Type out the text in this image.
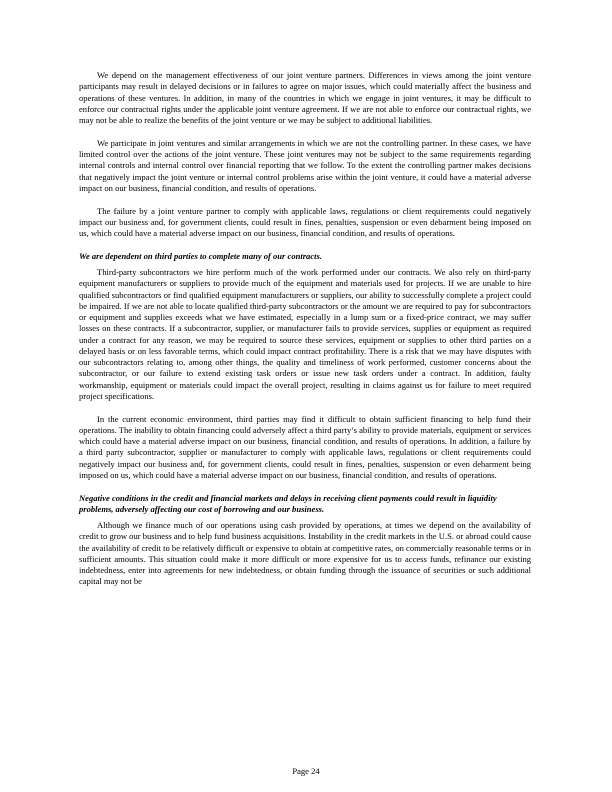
We depend on the management effectiveness of our joint venture partners. Differences in views among the joint venture participants may result in delayed decisions or in failures to agree on major issues, which could materially affect the business and operations of these ventures. In addition, in many of the countries in which we engage in joint ventures, it may be difficult to enforce our contractual rights under the applicable joint venture agreement. If we are not able to enforce our contractual rights, we may not be able to realize the benefits of the joint venture or we may be subject to additional liabilities.

We participate in joint ventures and similar arrangements in which we are not the controlling partner. In these cases, we have limited control over the actions of the joint venture. These joint ventures may not be subject to the same requirements regarding internal controls and internal control over financial reporting that we follow. To the extent the controlling partner makes decisions that negatively impact the joint venture or internal control problems arise within the joint venture, it could have a material adverse impact on our business, financial condition, and results of operations.

The failure by a joint venture partner to comply with applicable laws, regulations or client requirements could negatively impact our business and, for government clients, could result in fines, penalties, suspension or even debarment being imposed on us, which could have a material adverse impact on our business, financial condition, and results of operations.

We are dependent on third parties to complete many of our contracts.

Third-party subcontractors we hire perform much of the work performed under our contracts. We also rely on third-party equipment manufacturers or suppliers to provide much of the equipment and materials used for projects. If we are unable to hire qualified subcontractors or find qualified equipment manufacturers or suppliers, our ability to successfully complete a project could be impaired. If we are not able to locate qualified third-party subcontractors or the amount we are required to pay for subcontractors or equipment and supplies exceeds what we have estimated, especially in a lump sum or a fixed-price contract, we may suffer losses on these contracts. If a subcontractor, supplier, or manufacturer fails to provide services, supplies or equipment as required under a contract for any reason, we may be required to source these services, equipment or supplies to other third parties on a delayed basis or on less favorable terms, which could impact contract profitability. There is a risk that we may have disputes with our subcontractors relating to, among other things, the quality and timeliness of work performed, customer concerns about the subcontractor, or our failure to extend existing task orders or issue new task orders under a contract. In addition, faulty workmanship, equipment or materials could impact the overall project, resulting in claims against us for failure to meet required project specifications.

In the current economic environment, third parties may find it difficult to obtain sufficient financing to help fund their operations. The inability to obtain financing could adversely affect a third party’s ability to provide materials, equipment or services which could have a material adverse impact on our business, financial condition, and results of operations. In addition, a failure by a third party subcontractor, supplier or manufacturer to comply with applicable laws, regulations or client requirements could negatively impact our business and, for government clients, could result in fines, penalties, suspension or even debarment being imposed on us, which could have a material adverse impact on our business, financial condition, and results of operations.

Negative conditions in the credit and financial markets and delays in receiving client payments could result in liquidity problems, adversely affecting our cost of borrowing and our business.

Although we finance much of our operations using cash provided by operations, at times we depend on the availability of credit to grow our business and to help fund business acquisitions. Instability in the credit markets in the U.S. or abroad could cause the availability of credit to be relatively difficult or expensive to obtain at competitive rates, on commercially reasonable terms or in sufficient amounts. This situation could make it more difficult or more expensive for us to access funds, refinance our existing indebtedness, enter into agreements for new indebtedness, or obtain funding through the issuance of securities or such additional capital may not be

Page 24
